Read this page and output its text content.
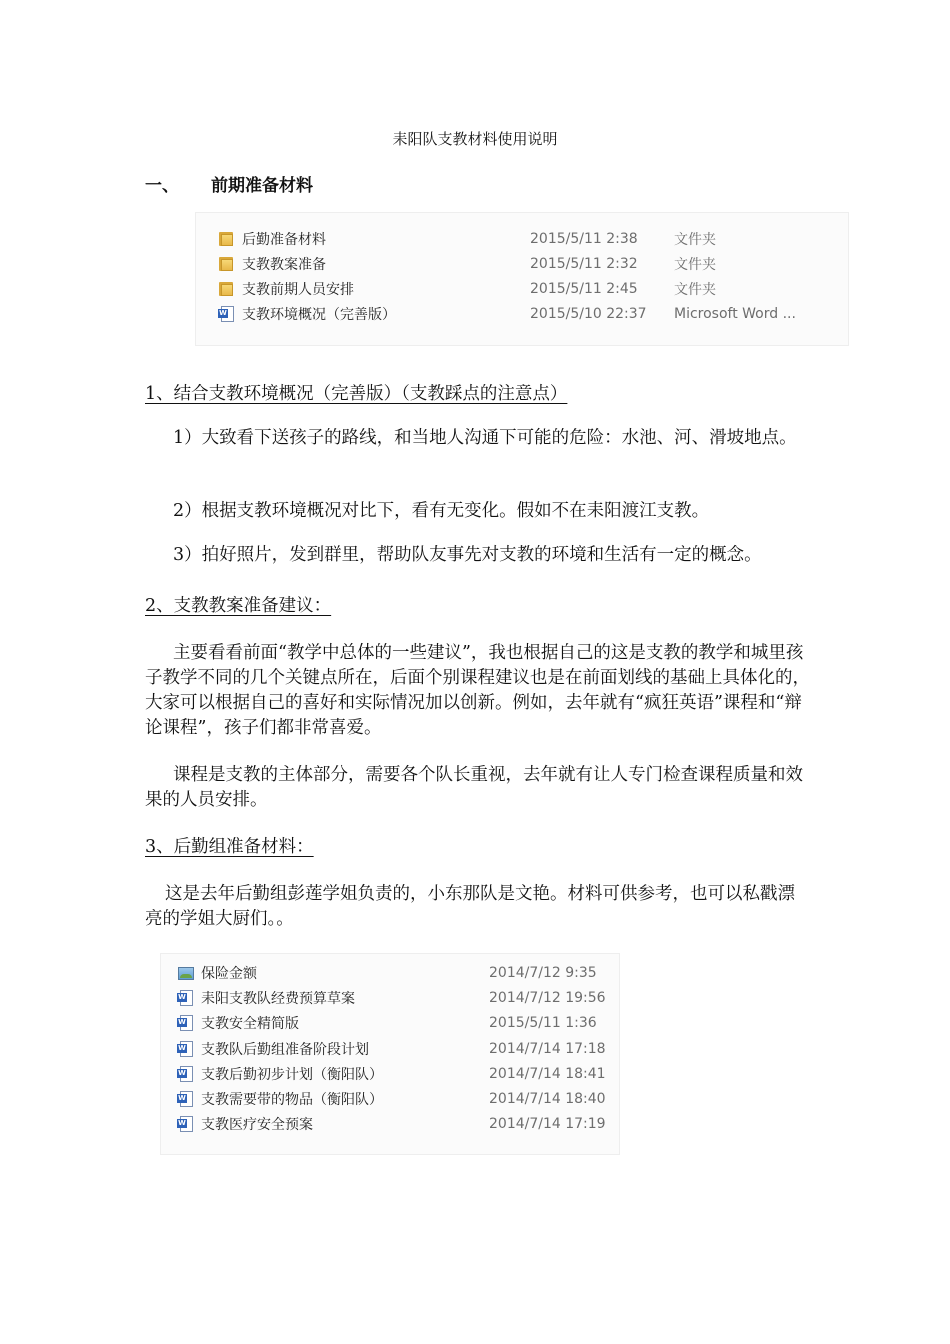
耒阳队支教材料使用说明
一、 前期准备材料
后勤准备材料	2015/5/11 2:38	文件夹
支教教案准备	2015/5/11 2:32	文件夹
支教前期人员安排	2015/5/11 2:45	文件夹
W 支教环境概况（完善版）	2015/5/10 22:37 Microsoft Word ...
1、结合支教环境概况（完善版）（支教踩点的注意点）
1）大致看下送孩子的路线，和当地人沟通下可能的危险：水池、河、滑坡地点。
2）根据支教环境概况对比下，看有无变化。假如不在耒阳渡江支教。
3）拍好照片，发到群里，帮助队友事先对支教的环境和生活有一定的概念。
2、支教教案准备建议：
主要看看前面“教学中总体的一些建议”，我也根据自己的这是支教的教学和城里孩子教学不同的几个关键点所在，后面个别课程建议也是在前面划线的基础上具体化的，大家可以根据自己的喜好和实际情况加以创新。例如，去年就有“疯狂英语”课程和“辩论课程”，孩子们都非常喜爱。
课程是支教的主体部分，需要各个队长重视，去年就有让人专门检查课程质量和效果的人员安排。
3、后勤组准备材料：
这是去年后勤组彭莲学姐负责的，小东那队是文艳。材料可供参考，也可以私戳漂亮的学姐大厨们。。
保险金额	2014/7/12 9:35
W 耒阳支教队经费预算草案	2014/7/12 19:56
W 支教安全精简版	2015/5/11 1:36
W 支教队后勤组准备阶段计划	2014/7/14 17:18
W 支教后勤初步计划（衡阳队）	2014/7/14 18:41
W 支教需要带的物品（衡阳队）	2014/7/14 18:40
W 支教医疗安全预案	2014/7/14 17:19
